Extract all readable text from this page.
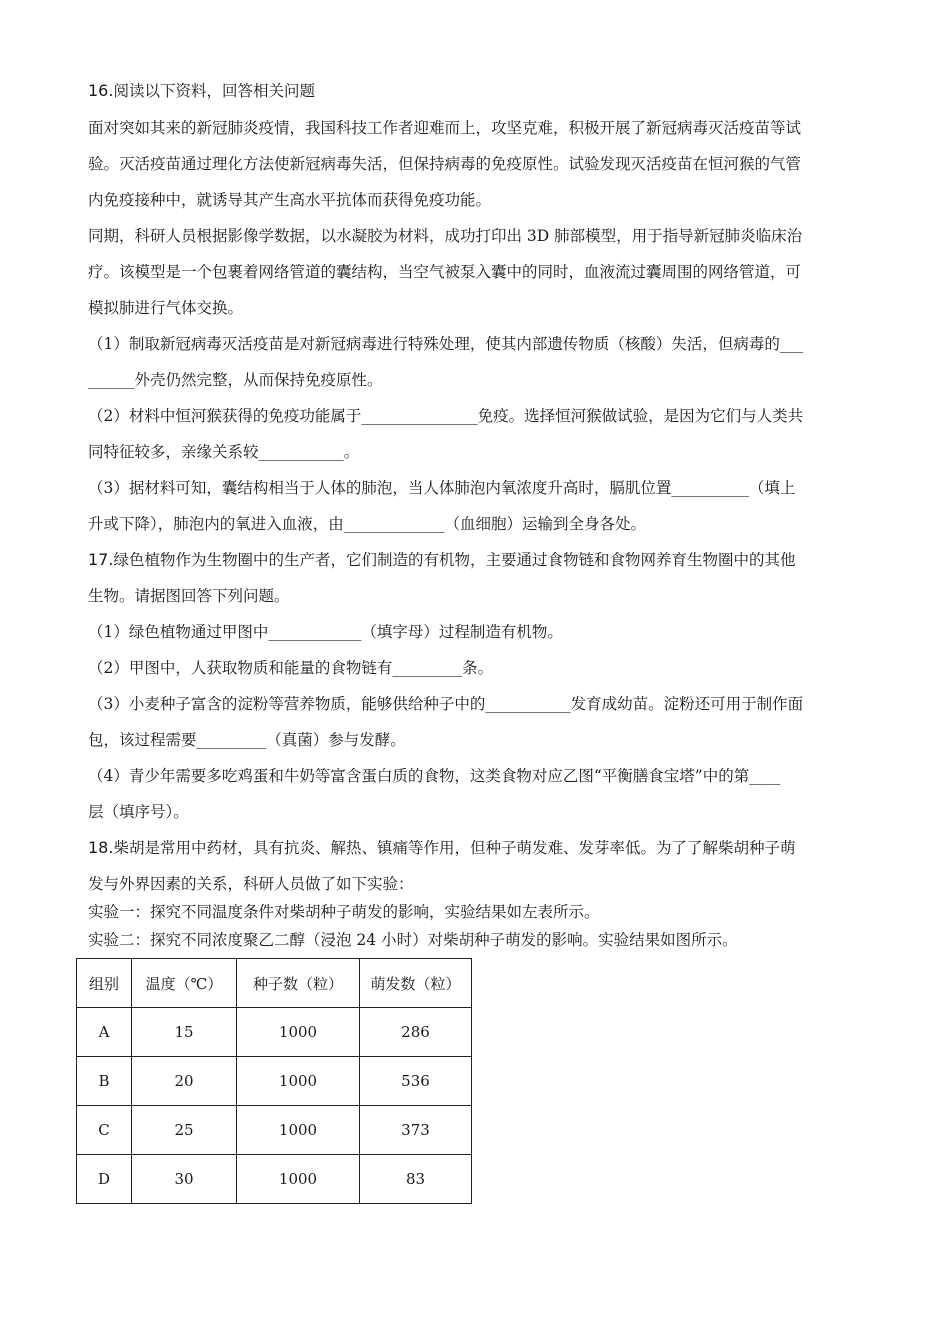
16.阅读以下资料，回答相关问题
面对突如其来的新冠肺炎疫情，我国科技工作者迎难而上，攻坚克难，积极开展了新冠病毒灭活疫苗等试
验。灭活疫苗通过理化方法使新冠病毒失活，但保持病毒的免疫原性。试验发现灭活疫苗在恒河猴的气管
内免疫接种中，就诱导其产生高水平抗体而获得免疫功能。
同期，科研人员根据影像学数据，以水凝胶为材料，成功打印出 3D 肺部模型，用于指导新冠肺炎临床治
疗。该模型是一个包裹着网络管道的囊结构，当空气被泵入囊中的同时，血液流过囊周围的网络管道，可
模拟肺进行气体交换。
（1）制取新冠病毒灭活疫苗是对新冠病毒进行特殊处理，使其内部遗传物质（核酸）失活，但病毒的___
______外壳仍然完整，从而保持免疫原性。
（2）材料中恒河猴获得的免疫功能属于_______________免疫。选择恒河猴做试验，是因为它们与人类共
同特征较多，亲缘关系较___________。
（3）据材料可知，囊结构相当于人体的肺泡，当人体肺泡内氧浓度升高时，膈肌位置__________（填上
升或下降），肺泡内的氧进入血液，由_____________（血细胞）运输到全身各处。
17.绿色植物作为生物圈中的生产者，它们制造的有机物，主要通过食物链和食物网养育生物圈中的其他
生物。请据图回答下列问题。
（1）绿色植物通过甲图中____________（填字母）过程制造有机物。
（2）甲图中，人获取物质和能量的食物链有_________条。
（3）小麦种子富含的淀粉等营养物质，能够供给种子中的___________发育成幼苗。淀粉还可用于制作面
包，该过程需要_________（真菌）参与发酵。
（4）青少年需要多吃鸡蛋和牛奶等富含蛋白质的食物，这类食物对应乙图“平衡膳食宝塔”中的第____
层（填序号）。
18.柴胡是常用中药材，具有抗炎、解热、镇痛等作用，但种子萌发难、发芽率低。为了了解柴胡种子萌
发与外界因素的关系，科研人员做了如下实验：
实验一：探究不同温度条件对柴胡种子萌发的影响，实验结果如左表所示。
实验二：探究不同浓度聚乙二醇（浸泡 24 小时）对柴胡种子萌发的影响。实验结果如图所示。
组别	温度（℃）	种子数（粒）	萌发数（粒）
A	15	1000	286
B	20	1000	536
C	25	1000	373
D	30	1000	83
